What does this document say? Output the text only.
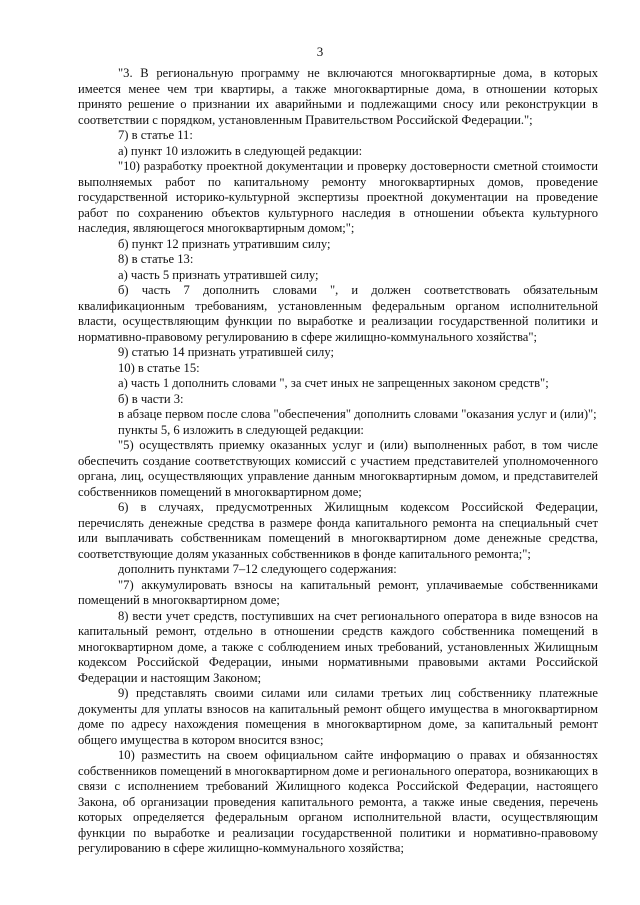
3

"3. В региональную программу не включаются многоквартирные дома, в которых имеется менее чем три квартиры, а также многоквартирные дома, в отношении которых принято решение о признании их аварийными и подлежащими сносу или реконструкции в соответствии с порядком, установленным Правительством Российской Федерации.";

7) в статье 11:

а) пункт 10 изложить в следующей редакции:

"10) разработку проектной документации и проверку достоверности сметной стоимости выполняемых работ по капитальному ремонту многоквартирных домов, проведение государственной историко-культурной экспертизы проектной документации на проведение работ по сохранению объектов культурного наследия в отношении объекта культурного наследия, являющегося многоквартирным домом;";

б) пункт 12 признать утратившим силу;

8) в статье 13:

а) часть 5 признать утратившей силу;

б) часть 7 дополнить словами ", и должен соответствовать обязательным квалификационным требованиям, установленным федеральным органом исполнительной власти, осуществляющим функции по выработке и реализации государственной политики и нормативно-правовому регулированию в сфере жилищно-коммунального хозяйства";

9) статью 14 признать утратившей силу;

10) в статье 15:

а) часть 1 дополнить словами ", за счет иных не запрещенных законом средств";

б) в части 3:

в абзаце первом после слова "обеспечения" дополнить словами "оказания услуг и (или)";

пункты 5, 6 изложить в следующей редакции:

"5) осуществлять приемку оказанных услуг и (или) выполненных работ, в том числе обеспечить создание соответствующих комиссий с участием представителей уполномоченного органа, лиц, осуществляющих управление данным многоквартирным домом, и представителей собственников помещений в многоквартирном доме;

6) в случаях, предусмотренных Жилищным кодексом Российской Федерации, перечислять денежные средства в размере фонда капитального ремонта на специальный счет или выплачивать собственникам помещений в многоквартирном доме денежные средства, соответствующие долям указанных собственников в фонде капитального ремонта;";

дополнить пунктами 7–12 следующего содержания:

"7) аккумулировать взносы на капитальный ремонт, уплачиваемые собственниками помещений в многоквартирном доме;

8) вести учет средств, поступивших на счет регионального оператора в виде взносов на капитальный ремонт, отдельно в отношении средств каждого собственника помещений в многоквартирном доме, а также с соблюдением иных требований, установленных Жилищным кодексом Российской Федерации, иными нормативными правовыми актами Российской Федерации и настоящим Законом;

9) представлять своими силами или силами третьих лиц собственнику платежные документы для уплаты взносов на капитальный ремонт общего имущества в многоквартирном доме по адресу нахождения помещения в многоквартирном доме, за капитальный ремонт общего имущества в котором вносится взнос;

10) разместить на своем официальном сайте информацию о правах и обязанностях собственников помещений в многоквартирном доме и регионального оператора, возникающих в связи с исполнением требований Жилищного кодекса Российской Федерации, настоящего Закона, об организации проведения капитального ремонта, а также иные сведения, перечень которых определяется федеральным органом исполнительной власти, осуществляющим функции по выработке и реализации государственной политики и нормативно-правовому регулированию в сфере жилищно-коммунального хозяйства;
